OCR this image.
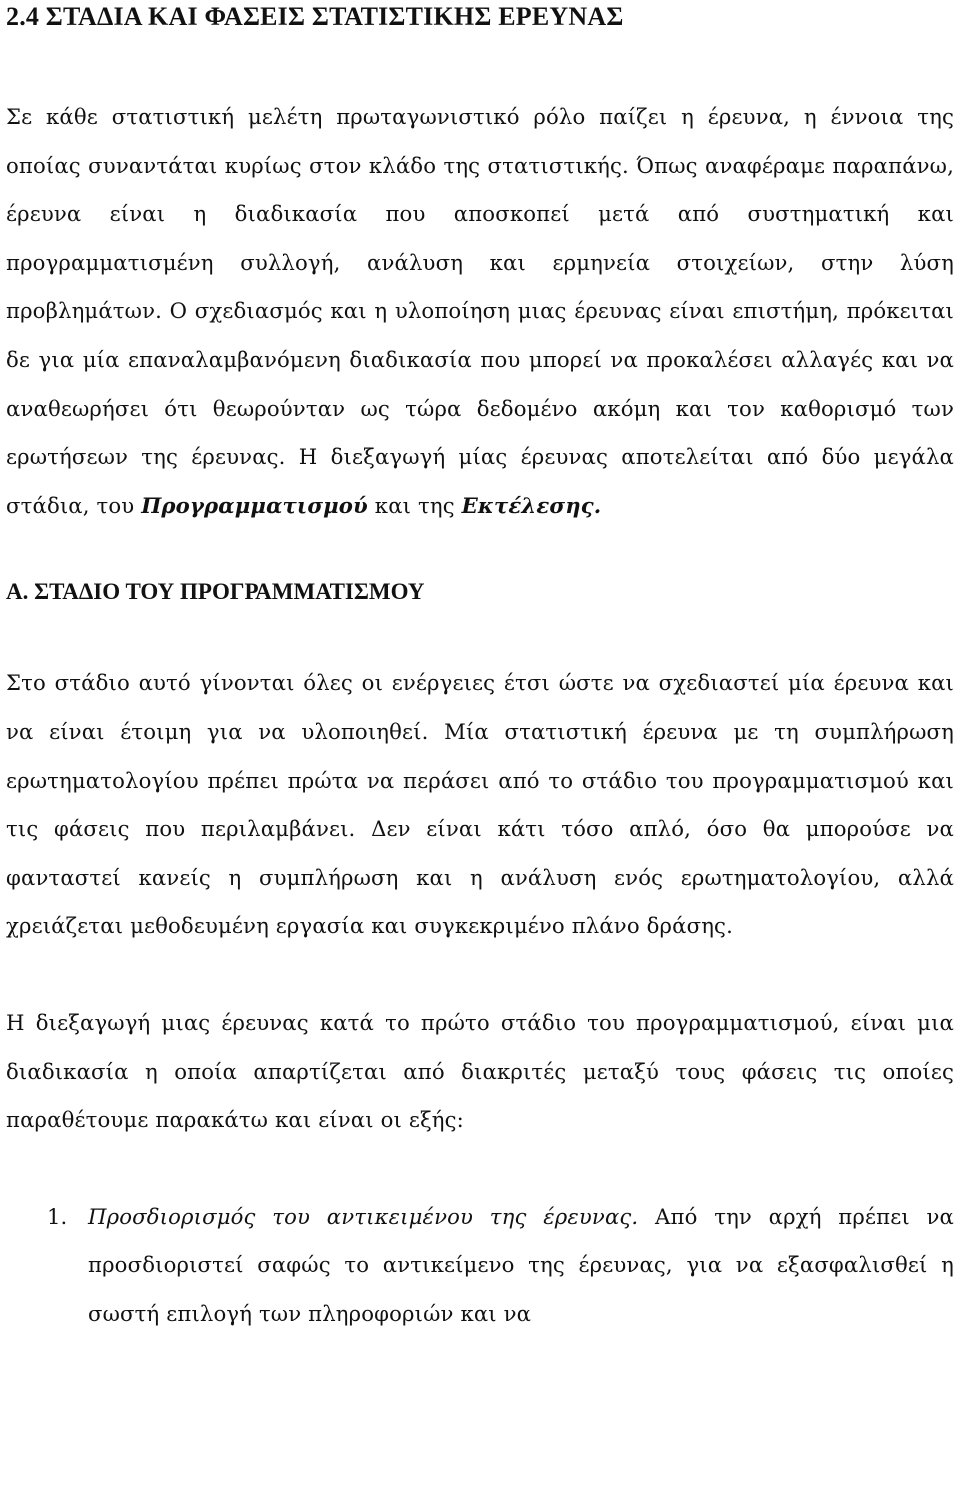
2.4 ΣΤΑΔΙΑ ΚΑΙ ΦΑΣΕΙΣ ΣΤΑΤΙΣΤΙΚΗΣ ΕΡΕΥΝΑΣ

Σε κάθε στατιστική μελέτη πρωταγωνιστικό ρόλο παίζει η έρευνα, η έννοια της οποίας συναντάται κυρίως στον κλάδο της στατιστικής. Όπως αναφέραμε παραπάνω, έρευνα είναι η διαδικασία που αποσκοπεί μετά από συστηματική και προγραμματισμένη συλλογή, ανάλυση και ερμηνεία στοιχείων, στην λύση προβλημάτων. Ο σχεδιασμός και η υλοποίηση μιας έρευνας είναι επιστήμη, πρόκειται δε για μία επαναλαμβανόμενη διαδικασία που μπορεί να προκαλέσει αλλαγές και να αναθεωρήσει ότι θεωρούνταν ως τώρα δεδομένο ακόμη και τον καθορισμό των ερωτήσεων της έρευνας. Η διεξαγωγή μίας έρευνας αποτελείται από δύο μεγάλα στάδια, του Προγραμματισμού και της Εκτέλεσης.

Α. ΣΤΑΔΙΟ ΤΟΥ ΠΡΟΓΡΑΜΜΑΤΙΣΜΟΥ

Στο στάδιο αυτό γίνονται όλες οι ενέργειες έτσι ώστε να σχεδιαστεί μία έρευνα και να είναι έτοιμη για να υλοποιηθεί. Μία στατιστική έρευνα με τη συμπλήρωση ερωτηματολογίου πρέπει πρώτα να περάσει από το στάδιο του προγραμματισμού και τις φάσεις που περιλαμβάνει. Δεν είναι κάτι τόσο απλό, όσο θα μπορούσε να φανταστεί κανείς η συμπλήρωση και η ανάλυση ενός ερωτηματολογίου, αλλά χρειάζεται μεθοδευμένη εργασία και συγκεκριμένο πλάνο δράσης.

Η διεξαγωγή μιας έρευνας κατά το πρώτο στάδιο του προγραμματισμού, είναι μια διαδικασία η οποία απαρτίζεται από διακριτές μεταξύ τους φάσεις τις οποίες παραθέτουμε παρακάτω και είναι οι εξής:

1. Προσδιορισμός του αντικειμένου της έρευνας. Από την αρχή πρέπει να προσδιοριστεί σαφώς το αντικείμενο της έρευνας, για να εξασφαλισθεί η σωστή επιλογή των πληροφοριών και να
